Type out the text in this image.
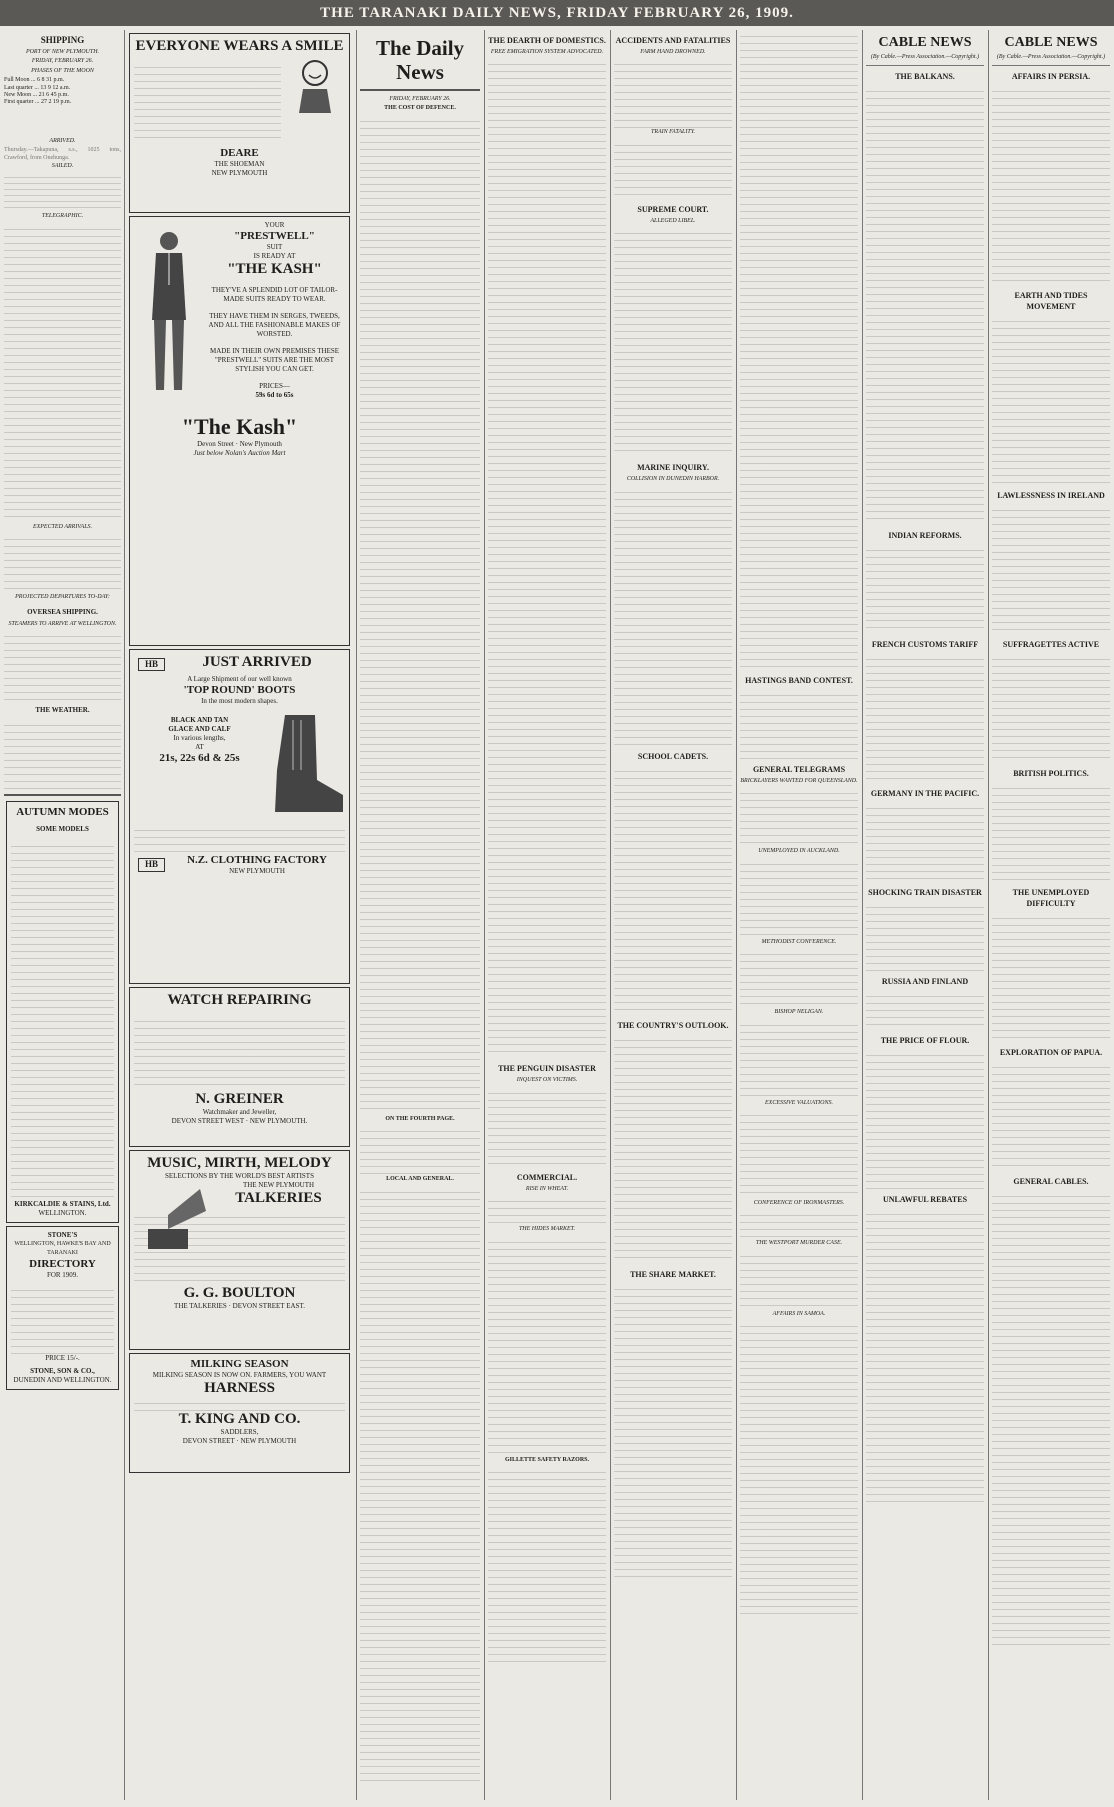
THE TARANAKI DAILY NEWS, FRIDAY FEBRUARY 26, 1909.
SHIPPING
PORT OF NEW PLYMOUTH.
FRIDAY, FEBRUARY 26.
PHASES OF THE MOON
Full Moon ... 6 8 31 p.m.
Last quarter ... 13 9 12 a.m.
New Moon ... 21 6 45 p.m.
First quarter ... 27 2 19 p.m.
ARRIVED.
Thursday.—Takapuna, s.s., 1025 tons, Crawford, from Onehunga.
SAILED.
TELEGRAPHIC.
EXPECTED ARRIVALS.
PROJECTED DEPARTURES TO-DAY:
OVERSEA SHIPPING.
STEAMERS TO ARRIVE AT WELLINGTON.
THE WEATHER.
AUTUMN MODES
SOME MODELS
KIRKCALDIE & STAINS, Ltd.
WELLINGTON.
STONE'S
WELLINGTON, HAWKE'S BAY AND TARANAKI
DIRECTORY
FOR 1909.
PRICE 15/-.
STONE, SON & CO.,
DUNEDIN AND WELLINGTON.
EVERYONE WEARS A SMILE
DEARE
THE SHOEMAN
NEW PLYMOUTH
YOUR
"PRESTWELL"
SUIT
IS READY AT
"THE KASH"
THEY'VE A SPLENDID LOT OF TAILOR-MADE SUITS READY TO WEAR.
THEY HAVE THEM IN SERGES, TWEEDS, AND ALL THE FASHIONABLE MAKES OF WORSTED.
MADE IN THEIR OWN PREMISES THESE "PRESTWELL" SUITS ARE THE MOST STYLISH YOU CAN GET.
PRICES—
59s 6d to 65s
"The Kash"
Devon Street · New Plymouth
Just below Nolan's Auction Mart
HB	JUST ARRIVED
A Large Shipment of our well known
'TOP ROUND' BOOTS
In the most modern shapes.
BLACK AND TAN
GLACE AND CALF
In various lengths,
AT
21s, 22s 6d & 25s
HB	N.Z. CLOTHING FACTORY
NEW PLYMOUTH
WATCH REPAIRING
N. GREINER
Watchmaker and Jeweller,
DEVON STREET WEST · NEW PLYMOUTH.
MUSIC, MIRTH, MELODY
SELECTIONS BY THE WORLD'S BEST ARTISTS
THE NEW PLYMOUTH
TALKERIES
G. G. BOULTON
THE TALKERIES · DEVON STREET EAST.
MILKING SEASON
MILKING SEASON IS NOW ON. FARMERS, YOU WANT
HARNESS
T. KING AND CO.
SADDLERS,
DEVON STREET · NEW PLYMOUTH
The Daily News
FRIDAY, FEBRUARY 26.
THE COST OF DEFENCE.
ON THE FOURTH PAGE.
LOCAL AND GENERAL.
THE DEARTH OF DOMESTICS.
FREE EMIGRATION SYSTEM ADVOCATED.
THE PENGUIN DISASTER
INQUEST ON VICTIMS.
COMMERCIAL.
RISE IN WHEAT.
THE HIDES MARKET.
GILLETTE SAFETY RAZORS.
ACCIDENTS AND FATALITIES
FARM HAND DROWNED.
TRAIN FATALITY.
SUPREME COURT.
ALLEGED LIBEL.
MARINE INQUIRY.
COLLISION IN DUNEDIN HARBOR.
SCHOOL CADETS.
THE COUNTRY'S OUTLOOK.
THE SHARE MARKET.
HASTINGS BAND CONTEST.
GENERAL TELEGRAMS
BRICKLAYERS WANTED FOR QUEENSLAND.
UNEMPLOYED IN AUCKLAND.
METHODIST CONFERENCE.
BISHOP NELIGAN.
EXCESSIVE VALUATIONS.
CONFERENCE OF IRONMASTERS.
THE WESTPORT MURDER CASE.
AFFAIRS IN SAMOA.
CABLE NEWS
(By Cable.—Press Association.—Copyright.)
THE BALKANS.
INDIAN REFORMS.
FRENCH CUSTOMS TARIFF
GERMANY IN THE PACIFIC.
SHOCKING TRAIN DISASTER
RUSSIA AND FINLAND
THE PRICE OF FLOUR.
UNLAWFUL REBATES
CABLE NEWS
(By Cable.—Press Association.—Copyright.)
AFFAIRS IN PERSIA.
EARTH AND TIDES MOVEMENT
LAWLESSNESS IN IRELAND
SUFFRAGETTES ACTIVE
BRITISH POLITICS.
THE UNEMPLOYED DIFFICULTY
EXPLORATION OF PAPUA.
GENERAL CABLES.
